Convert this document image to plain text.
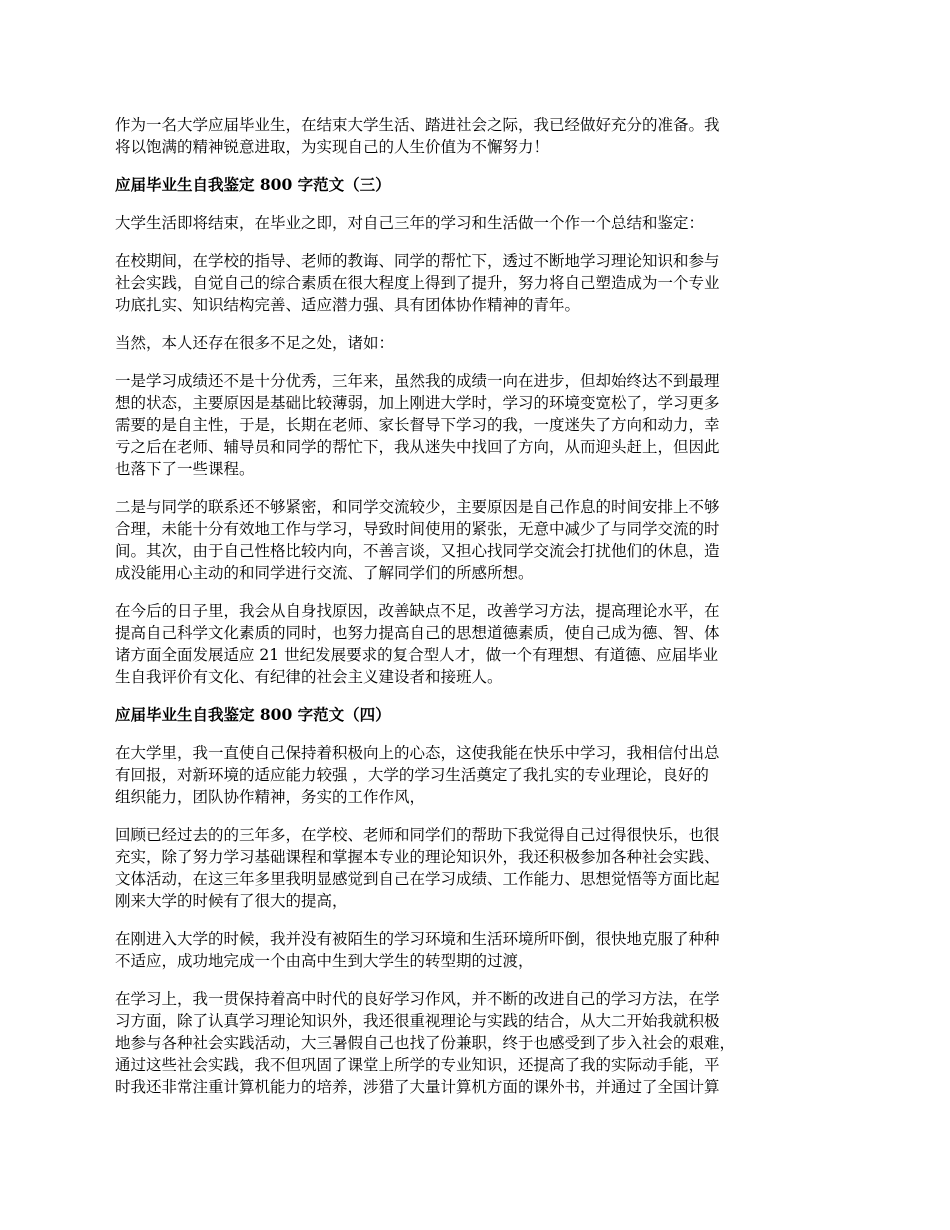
作为一名大学应届毕业生，在结束大学生活、踏进社会之际，我已经做好充分的准备。我
将以饱满的精神锐意进取，为实现自己的人生价值为不懈努力！

应届毕业生自我鉴定 800 字范文（三）

大学生活即将结束，在毕业之即，对自己三年的学习和生活做一个作一个总结和鉴定：

在校期间，在学校的指导、老师的教诲、同学的帮忙下，透过不断地学习理论知识和参与
社会实践，自觉自己的综合素质在很大程度上得到了提升，努力将自己塑造成为一个专业
功底扎实、知识结构完善、适应潜力强、具有团体协作精神的青年。

当然，本人还存在很多不足之处，诸如：

一是学习成绩还不是十分优秀，三年来，虽然我的成绩一向在进步，但却始终达不到最理
想的状态，主要原因是基础比较薄弱，加上刚进大学时，学习的环境变宽松了，学习更多
需要的是自主性，于是，长期在老师、家长督导下学习的我，一度迷失了方向和动力，幸
亏之后在老师、辅导员和同学的帮忙下，我从迷失中找回了方向，从而迎头赶上，但因此
也落下了一些课程。

二是与同学的联系还不够紧密，和同学交流较少，主要原因是自己作息的时间安排上不够
合理，未能十分有效地工作与学习，导致时间使用的紧张，无意中减少了与同学交流的时
间。其次，由于自己性格比较内向，不善言谈，又担心找同学交流会打扰他们的休息，造
成没能用心主动的和同学进行交流、了解同学们的所感所想。

在今后的日子里，我会从自身找原因，改善缺点不足，改善学习方法，提高理论水平，在
提高自己科学文化素质的同时，也努力提高自己的思想道德素质，使自己成为德、智、体
诸方面全面发展适应 21 世纪发展要求的复合型人才，做一个有理想、有道德、应届毕业
生自我评价有文化、有纪律的社会主义建设者和接班人。

应届毕业生自我鉴定 800 字范文（四）

在大学里，我一直使自己保持着积极向上的心态，这使我能在快乐中学习，我相信付出总
有回报，对新环境的适应能力较强 ，大学的学习生活奠定了我扎实的专业理论，良好的
组织能力，团队协作精神，务实的工作作风，

回顾已经过去的的三年多，在学校、老师和同学们的帮助下我觉得自己过得很快乐，也很
充实，除了努力学习基础课程和掌握本专业的理论知识外，我还积极参加各种社会实践、
文体活动，在这三年多里我明显感觉到自己在学习成绩、工作能力、思想觉悟等方面比起
刚来大学的时候有了很大的提高，

在刚进入大学的时候，我并没有被陌生的学习环境和生活环境所吓倒，很快地克服了种种
不适应，成功地完成一个由高中生到大学生的转型期的过渡，

在学习上，我一贯保持着高中时代的良好学习作风，并不断的改进自己的学习方法，在学
习方面，除了认真学习理论知识外，我还很重视理论与实践的结合，从大二开始我就积极
地参与各种社会实践活动，大三暑假自己也找了份兼职，终于也感受到了步入社会的艰难，
通过这些社会实践，我不但巩固了课堂上所学的专业知识，还提高了我的实际动手能，平
时我还非常注重计算机能力的培养，涉猎了大量计算机方面的课外书，并通过了全国计算
